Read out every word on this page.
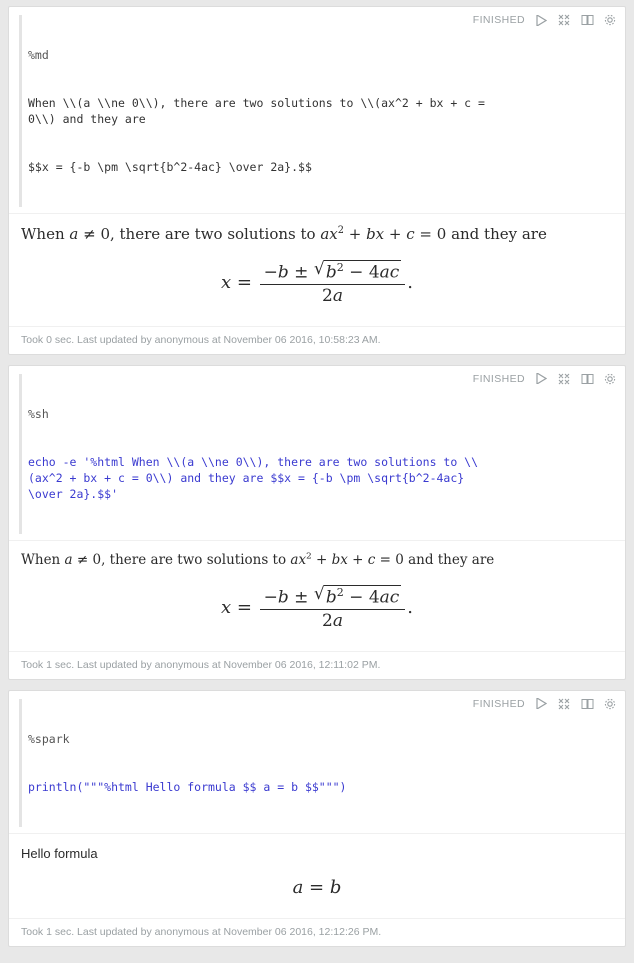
FINISHED

%md

When \\(a \\ne 0\\), there are two solutions to \\(ax^2 + bx + c = 0\\) and they are

$$x = {-b \pm \sqrt{b^2-4ac} \over 2a}.$$

When a ≠ 0, there are two solutions to $ax^2$ + bx + c = 0 and they are
$x = \frac{-b \pm √ b^2 - 4ac}{2a}$ .
Took 0 sec. Last updated by anonymous at November 06 2016, 10:58:23 AM.
FINISHED

%sh

echo -e '%html When \\(a \\ne 0\\), there are two solutions to \\(ax^2 + bx + c = 0\\) and they are $$x = {-b \pm \sqrt{b^2-4ac} \over 2a}.$$'

When a ≠ 0, there are two solutions to $ax^2$ + bx + c = 0 and they are
$x = \frac{-b \pm √ b^2 - 4ac}{2a}$ .
Took 1 sec. Last updated by anonymous at November 06 2016, 12:11:02 PM.
FINISHED

%spark

println("""%html Hello formula $$ a = b $$""")

Hello formula
a = b
Took 1 sec. Last updated by anonymous at November 06 2016, 12:12:26 PM.
